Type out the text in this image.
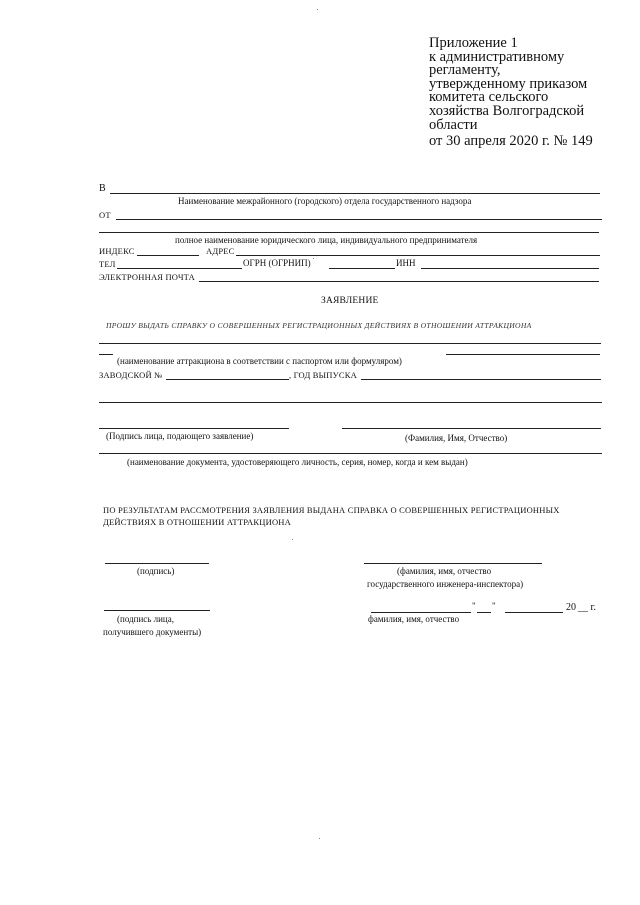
Приложение 1
к административному
регламенту,
утвержденному приказом
комитета сельского
хозяйства Волгоградской
области
от 30 апреля 2020 г. № 149
В
Наименование межрайонного (городского) отдела государственного надзора
ОТ
полное наименование юридического лица, индивидуального предпринимателя
ИНДЕКС	АДРЕС
ТЕЛ	ОГРН (ОГРНИП)	ИНН
ЭЛЕКТРОННАЯ ПОЧТА
ЗАЯВЛЕНИЕ
ПРОШУ ВЫДАТЬ СПРАВКУ О СОВЕРШЕННЫХ РЕГИСТРАЦИОННЫХ ДЕЙСТВИЯХ В ОТНОШЕНИИ АТТРАКЦИОНА
(наименование аттракциона в соответствии с паспортом или формуляром)
ЗАВОДСКОЙ №	, ГОД ВЫПУСКА
(Подпись лица, подающего заявление)	(Фамилия, Имя, Отчество)
(наименование документа, удостоверяющего личность, серия, номер, когда и кем выдан)
ПО РЕЗУЛЬТАТАМ РАССМОТРЕНИЯ ЗАЯВЛЕНИЯ ВЫДАНА СПРАВКА О СОВЕРШЕННЫХ РЕГИСТРАЦИОННЫХ
ДЕЙСТВИЯХ В ОТНОШЕНИИ АТТРАКЦИОНА
(подпись)	(фамилия, имя, отчество
государственного инженера-инспектора)
(подпись лица,
получившего документы)
" "	20 __ г.
фамилия, имя, отчество
